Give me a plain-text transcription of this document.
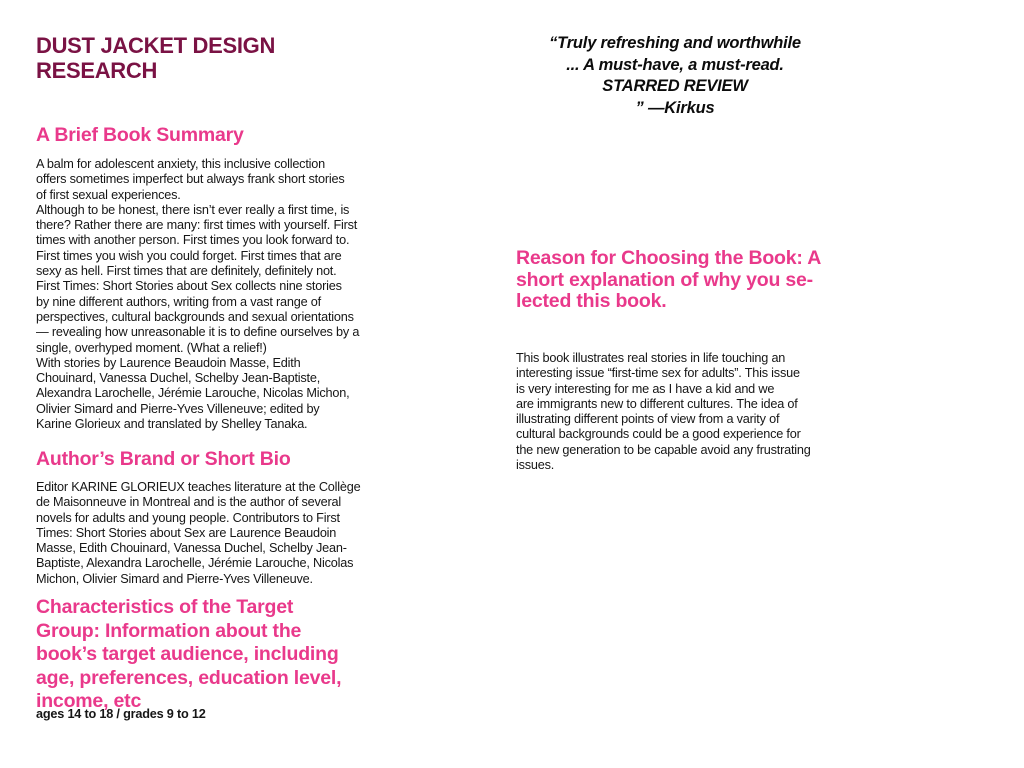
DUST JACKET DESIGN
RESEARCH
A Brief Book Summary

A balm for adolescent anxiety, this inclusive collection
offers sometimes imperfect but always frank short stories
of first sexual experiences.
Although to be honest, there isn’t ever really a first time, is
there? Rather there are many: first times with yourself. First
times with another person. First times you look forward to.
First times you wish you could forget. First times that are
sexy as hell. First times that are definitely, definitely not.
First Times: Short Stories about Sex collects nine stories
by nine different authors, writing from a vast range of
perspectives, cultural backgrounds and sexual orientations
— revealing how unreasonable it is to define ourselves by a
single, overhyped moment. (What a relief!)
With stories by Laurence Beaudoin Masse, Edith
Chouinard, Vanessa Duchel, Schelby Jean-Baptiste,
Alexandra Larochelle, Jérémie Larouche, Nicolas Michon,
Olivier Simard and Pierre-Yves Villeneuve; edited by
Karine Glorieux and translated by Shelley Tanaka.

Author’s Brand or Short Bio

Editor KARINE GLORIEUX teaches literature at the Collège
de Maisonneuve in Montreal and is the author of several
novels for adults and young people. Contributors to First
Times: Short Stories about Sex are Laurence Beaudoin
Masse, Edith Chouinard, Vanessa Duchel, Schelby Jean-
Baptiste, Alexandra Larochelle, Jérémie Larouche, Nicolas
Michon, Olivier Simard and Pierre-Yves Villeneuve.

Characteristics of the Target
Group: Information about the
book’s target audience, including
age, preferences, education level,
income, etc

ages 14 to 18 / grades 9 to 12

“Truly refreshing and worthwhile
... A must-have, a must-read.
STARRED REVIEW
” —Kirkus
Reason for Choosing the Book: A
short explanation of why you se-
lected this book.

This book illustrates real stories in life touching an
interesting issue “first-time sex for adults”. This issue
is very interesting for me as I have a kid and we
are immigrants new to different cultures. The idea of
illustrating different points of view from a varity of
cultural backgrounds could be a good experience for
the new generation to be capable avoid any frustrating
issues.
